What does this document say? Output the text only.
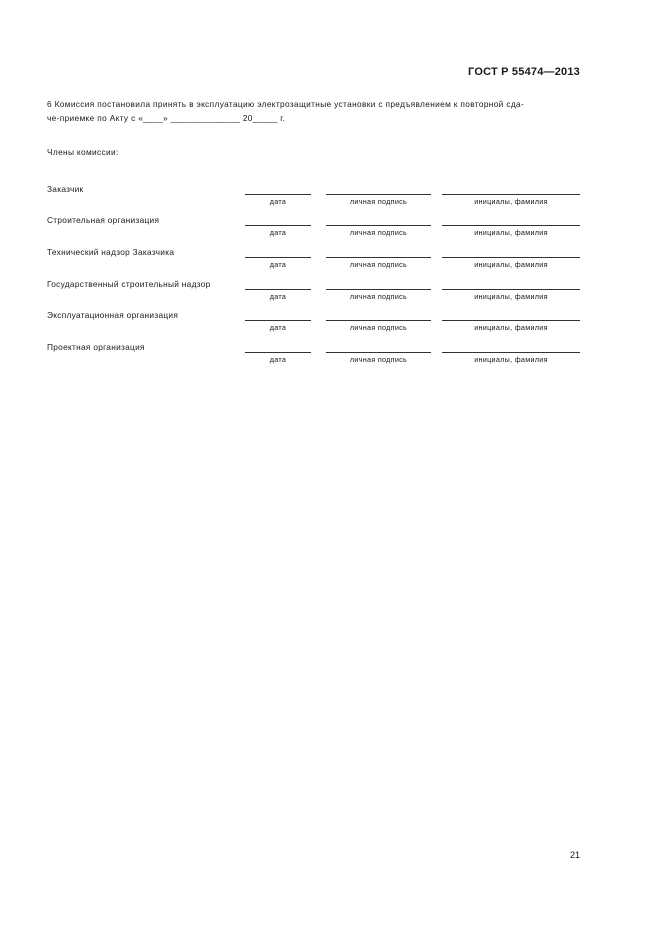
ГОСТ Р 55474—2013
6 Комиссия постановила принять в эксплуатацию электрозащитные установки с предъявлением к повторной сда-
че-приемке по Акту с «____» ______________ 20_____ г.
Члены комиссии:
Заказчик
дата	личная подпись	инициалы, фамилия
Строительная организация
дата	личная подпись	инициалы, фамилия
Технический надзор Заказчика
дата	личная подпись	инициалы, фамилия
Государственный строительный надзор
дата	личная подпись	инициалы, фамилия
Эксплуатационная организация
дата	личная подпись	инициалы, фамилия
Проектная организация
дата	личная подпись	инициалы, фамилия
21
